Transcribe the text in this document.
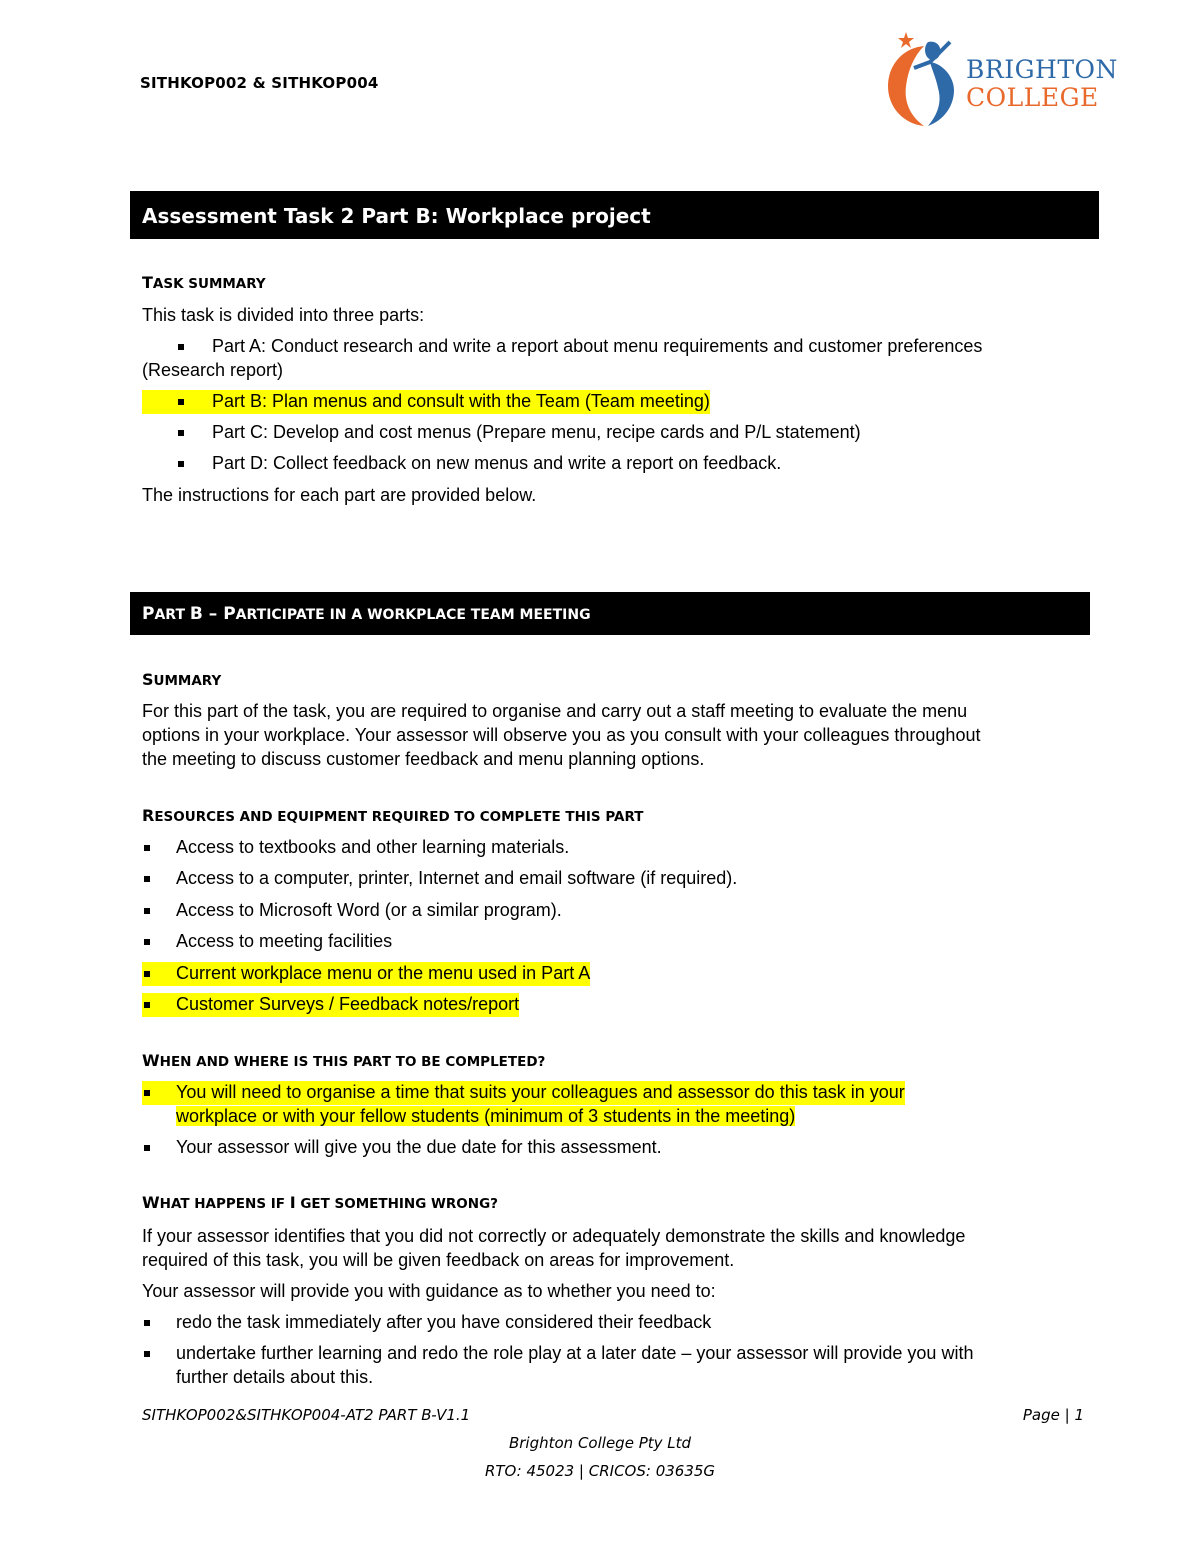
SITHKOP002 & SITHKOP004	BRIGHTON
COLLEGE
Assessment Task 2 Part B: Workplace project
TASK SUMMARY
This task is divided into three parts:
Part A: Conduct research and write a report about menu requirements and customer preferences
(Research report)
Part B: Plan menus and consult with the Team (Team meeting)
Part C: Develop and cost menus (Prepare menu, recipe cards and P/L statement)
Part D: Collect feedback on new menus and write a report on feedback.
The instructions for each part are provided below.
PART B – PARTICIPATE IN A WORKPLACE TEAM MEETING
SUMMARY
For this part of the task, you are required to organise and carry out a staff meeting to evaluate the menu
options in your workplace. Your assessor will observe you as you consult with your colleagues throughout
the meeting to discuss customer feedback and menu planning options.
RESOURCES AND EQUIPMENT REQUIRED TO COMPLETE THIS PART
Access to textbooks and other learning materials.
Access to a computer, printer, Internet and email software (if required).
Access to Microsoft Word (or a similar program).
Access to meeting facilities
Current workplace menu or the menu used in Part A
Customer Surveys / Feedback notes/report
WHEN AND WHERE IS THIS PART TO BE COMPLETED?
You will need to organise a time that suits your colleagues and assessor do this task in your
workplace or with your fellow students (minimum of 3 students in the meeting)
Your assessor will give you the due date for this assessment.
WHAT HAPPENS IF I GET SOMETHING WRONG?
If your assessor identifies that you did not correctly or adequately demonstrate the skills and knowledge
required of this task, you will be given feedback on areas for improvement.
Your assessor will provide you with guidance as to whether you need to:
redo the task immediately after you have considered their feedback
undertake further learning and redo the role play at a later date – your assessor will provide you with
further details about this.
SITHKOP002&SITHKOP004-AT2 PART B-V1.1	Page | 1
Brighton College Pty Ltd
RTO: 45023 | CRICOS: 03635G
